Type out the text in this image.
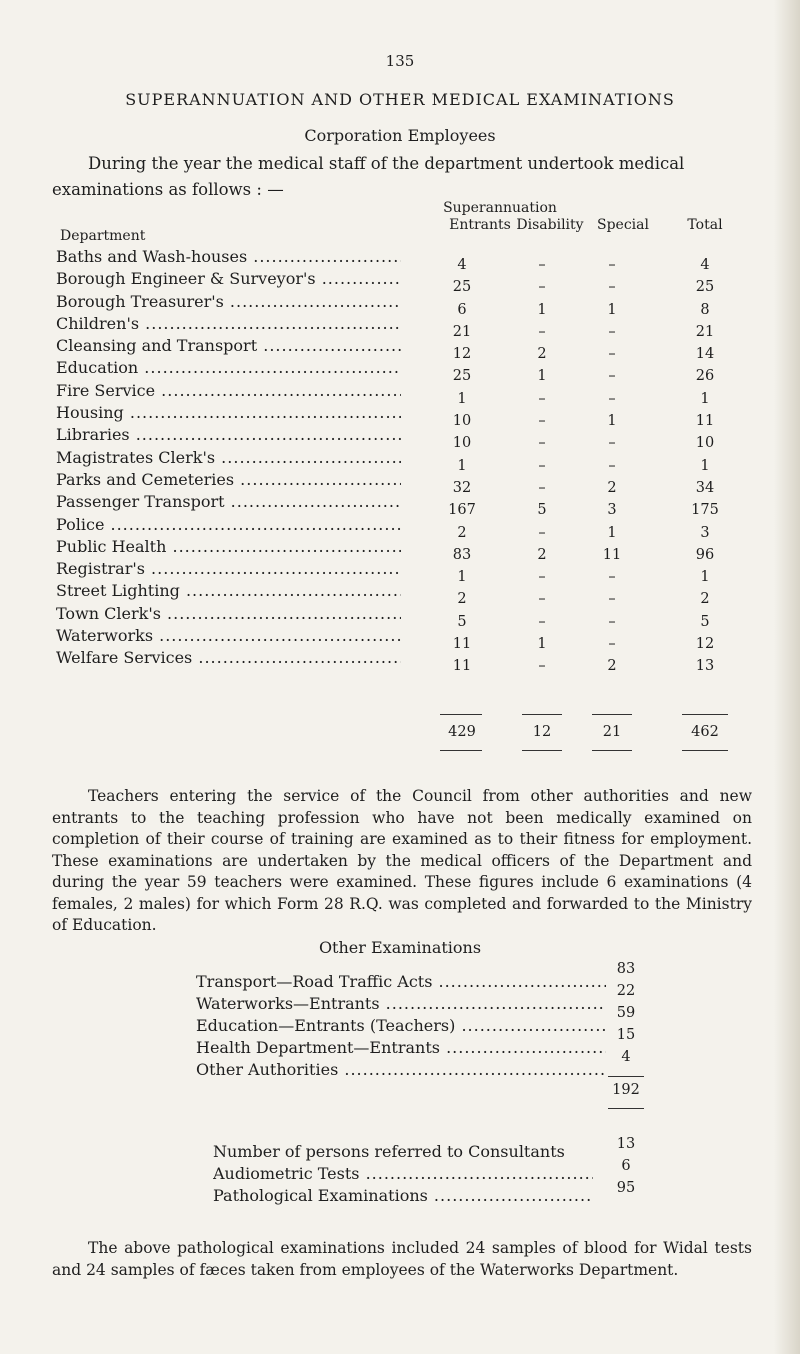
135
SUPERANNUATION AND OTHER MEDICAL EXAMINATIONS
Corporation Employees
During the year the medical staff of the department undertook medical
examinations as follows : —
Superannuation
Department
Entrants Disability Special	Total
Baths and Wash-houses .....	4	–	–	4
Borough Engineer & Surveyor's .....	25	–	–	25
Borough Treasurer's .....	6	1	1	8
Children's .....	21	–	–	21
Cleansing and Transport .....	12	2	–	14
Education .....	25	1	–	26
Fire Service .....	1	–	–	1
Housing .....	10	–	1	11
Libraries .....	10	–	–	10
Magistrates Clerk's .....	1	–	–	1
Parks and Cemeteries .....	32	–	2	34
Passenger Transport .....	167	5	3	175
Police .....	2	–	1	3
Public Health .....	83	2	11	96
Registrar's .....	1	–	–	1
Street Lighting .....	2	–	–	2
Town Clerk's .....	5	–	–	5
Waterworks .....	11	1	–	12
Welfare Services .....	11	–	2	13
429	12	21	462

Teachers entering the service of the Council from other authorities and new entrants to the teaching profession who have not been medically examined on completion of their course of training are examined as to their fitness for employment. These examinations are undertaken by the medical officers of the Department and during the year 59 teachers were examined. These figures include 6 examinations (4 females, 2 males) for which Form 28 R.Q. was completed and forwarded to the Ministry of Education.

Other Examinations
Transport—Road Traffic Acts .....
83
Waterworks—Entrants .....
22
Education—Entrants (Teachers) .....
59
Health Department—Entrants .....
15
Other Authorities .....
4
192
Number of persons referred to Consultants	13
Audiometric Tests .....	6
Pathological Examinations .....	95

The above pathological examinations included 24 samples of blood for Widal tests and 24 samples of fæces taken from employees of the Waterworks Department.
